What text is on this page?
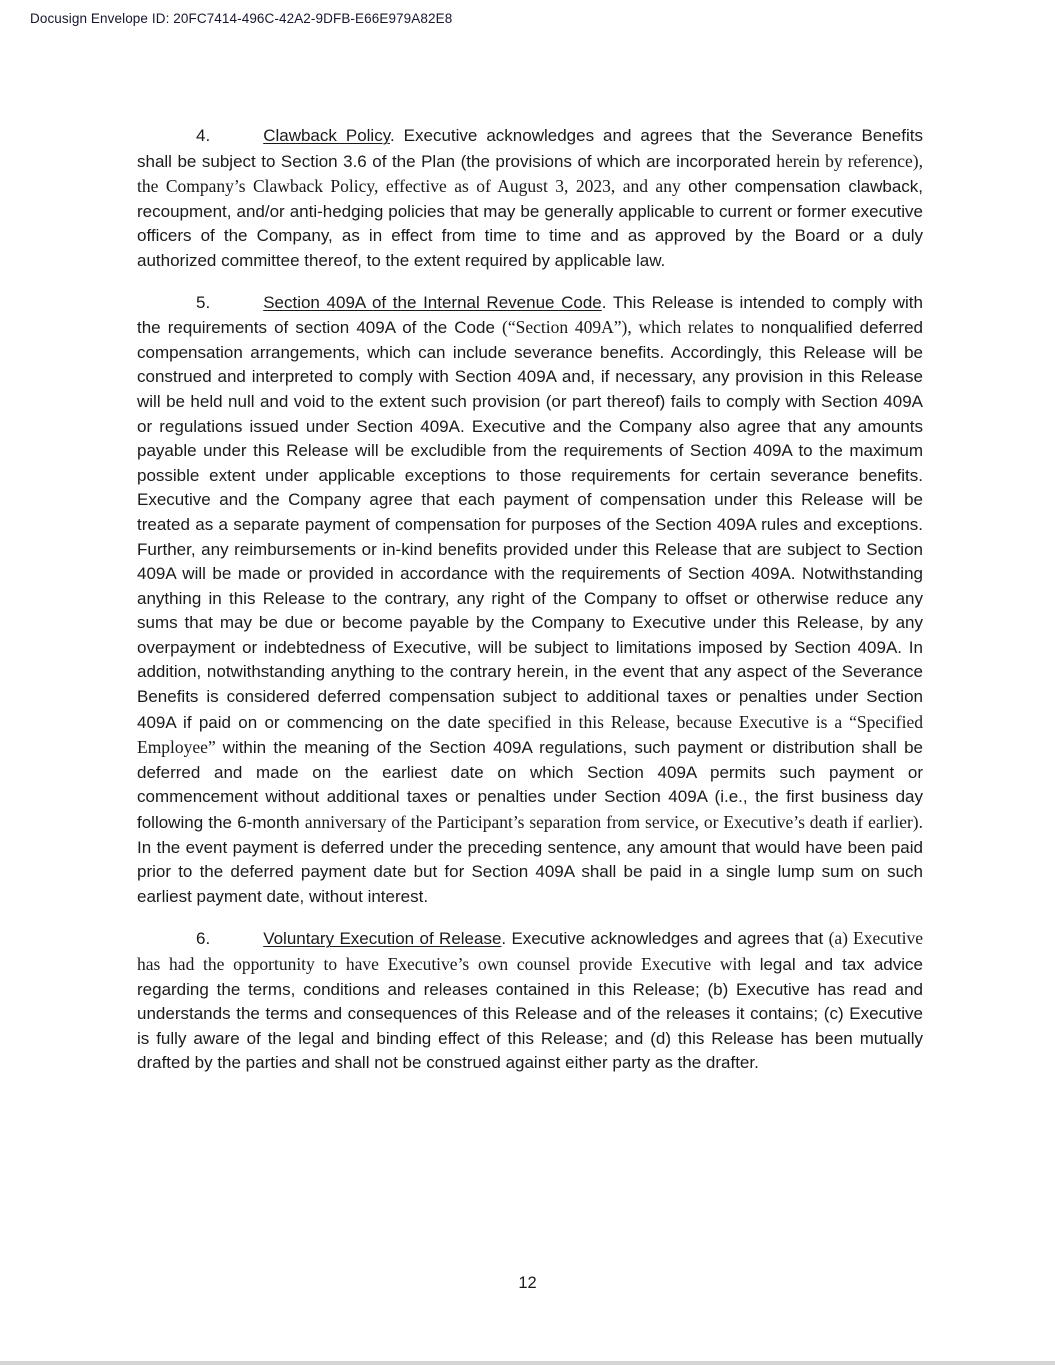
Docusign Envelope ID: 20FC7414-496C-42A2-9DFB-E66E979A82E8

4.	Clawback Policy. Executive acknowledges and agrees that the Severance Benefits shall be subject to Section 3.6 of the Plan (the provisions of which are incorporated herein by reference), the Company’s Clawback Policy, effective as of August 3, 2023, and any other compensation clawback, recoupment, and/or anti-hedging policies that may be generally applicable to current or former executive officers of the Company, as in effect from time to time and as approved by the Board or a duly authorized committee thereof, to the extent required by applicable law.

5.	Section 409A of the Internal Revenue Code. This Release is intended to comply with the requirements of section 409A of the Code (“Section 409A”), which relates to nonqualified deferred compensation arrangements, which can include severance benefits. Accordingly, this Release will be construed and interpreted to comply with Section 409A and, if necessary, any provision in this Release will be held null and void to the extent such provision (or part thereof) fails to comply with Section 409A or regulations issued under Section 409A. Executive and the Company also agree that any amounts payable under this Release will be excludible from the requirements of Section 409A to the maximum possible extent under applicable exceptions to those requirements for certain severance benefits. Executive and the Company agree that each payment of compensation under this Release will be treated as a separate payment of compensation for purposes of the Section 409A rules and exceptions. Further, any reimbursements or in-kind benefits provided under this Release that are subject to Section 409A will be made or provided in accordance with the requirements of Section 409A. Notwithstanding anything in this Release to the contrary, any right of the Company to offset or otherwise reduce any sums that may be due or become payable by the Company to Executive under this Release, by any overpayment or indebtedness of Executive, will be subject to limitations imposed by Section 409A. In addition, notwithstanding anything to the contrary herein, in the event that any aspect of the Severance Benefits is considered deferred compensation subject to additional taxes or penalties under Section 409A if paid on or commencing on the date specified in this Release, because Executive is a “Specified Employee” within the meaning of the Section 409A regulations, such payment or distribution shall be deferred and made on the earliest date on which Section 409A permits such payment or commencement without additional taxes or penalties under Section 409A (i.e., the first business day following the 6-month anniversary of the Participant’s separation from service, or Executive’s death if earlier). In the event payment is deferred under the preceding sentence, any amount that would have been paid prior to the deferred payment date but for Section 409A shall be paid in a single lump sum on such earliest payment date, without interest.

6.	Voluntary Execution of Release. Executive acknowledges and agrees that (a) Executive has had the opportunity to have Executive’s own counsel provide Executive with legal and tax advice regarding the terms, conditions and releases contained in this Release; (b) Executive has read and understands the terms and consequences of this Release and of the releases it contains; (c) Executive is fully aware of the legal and binding effect of this Release; and (d) this Release has been mutually drafted by the parties and shall not be construed against either party as the drafter.

12
